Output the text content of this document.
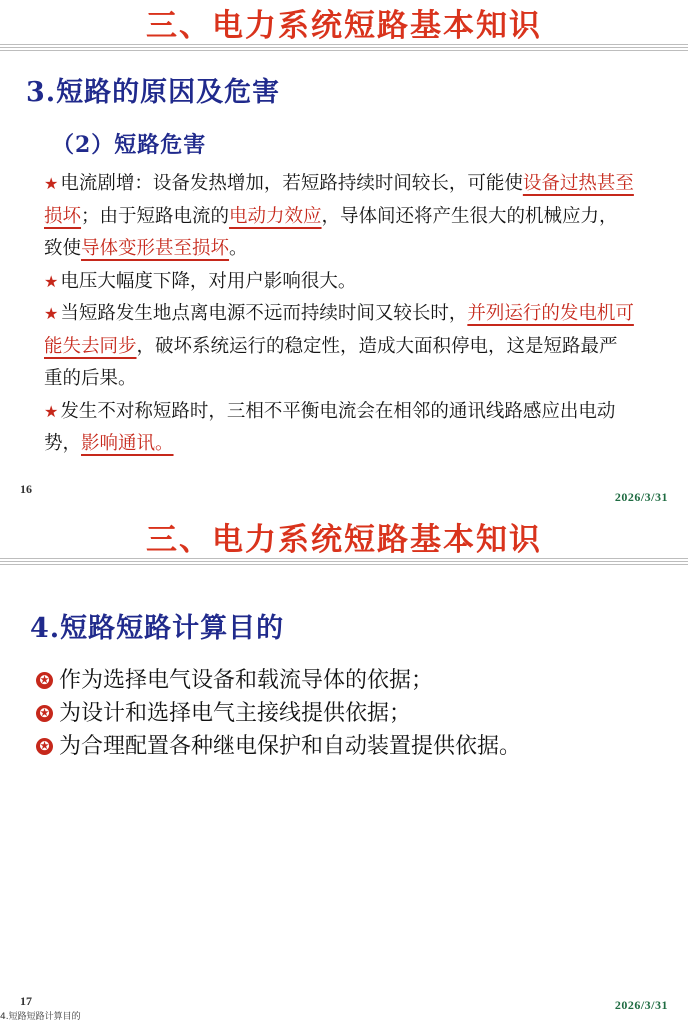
三、电力系统短路基本知识
3.短路的原因及危害
（2）短路危害

★ 电流剧增：设备发热增加，若短路持续时间较长，可能使设备过热甚至损坏；由于短路电流的电动力效应，导体间还将产生很大的机械应力，致使导体变形甚至损坏。

★ 电压大幅度下降，对用户影响很大。

★ 当短路发生地点离电源不远而持续时间又较长时，并列运行的发电机可能失去同步，破坏系统运行的稳定性，造成大面积停电，这是短路最严重的后果。

★ 发生不对称短路时，三相不平衡电流会在相邻的通讯线路感应出电动势，影响通讯。

16
2026/3/31
三、电力系统短路基本知识
4.短路短路计算目的
✪ 作为选择电气设备和载流导体的依据；
✪ 为设计和选择电气主接线提供依据；
✪ 为合理配置各种继电保护和自动装置提供依据。
17	2026/3/31
4.短路短路计算目的
